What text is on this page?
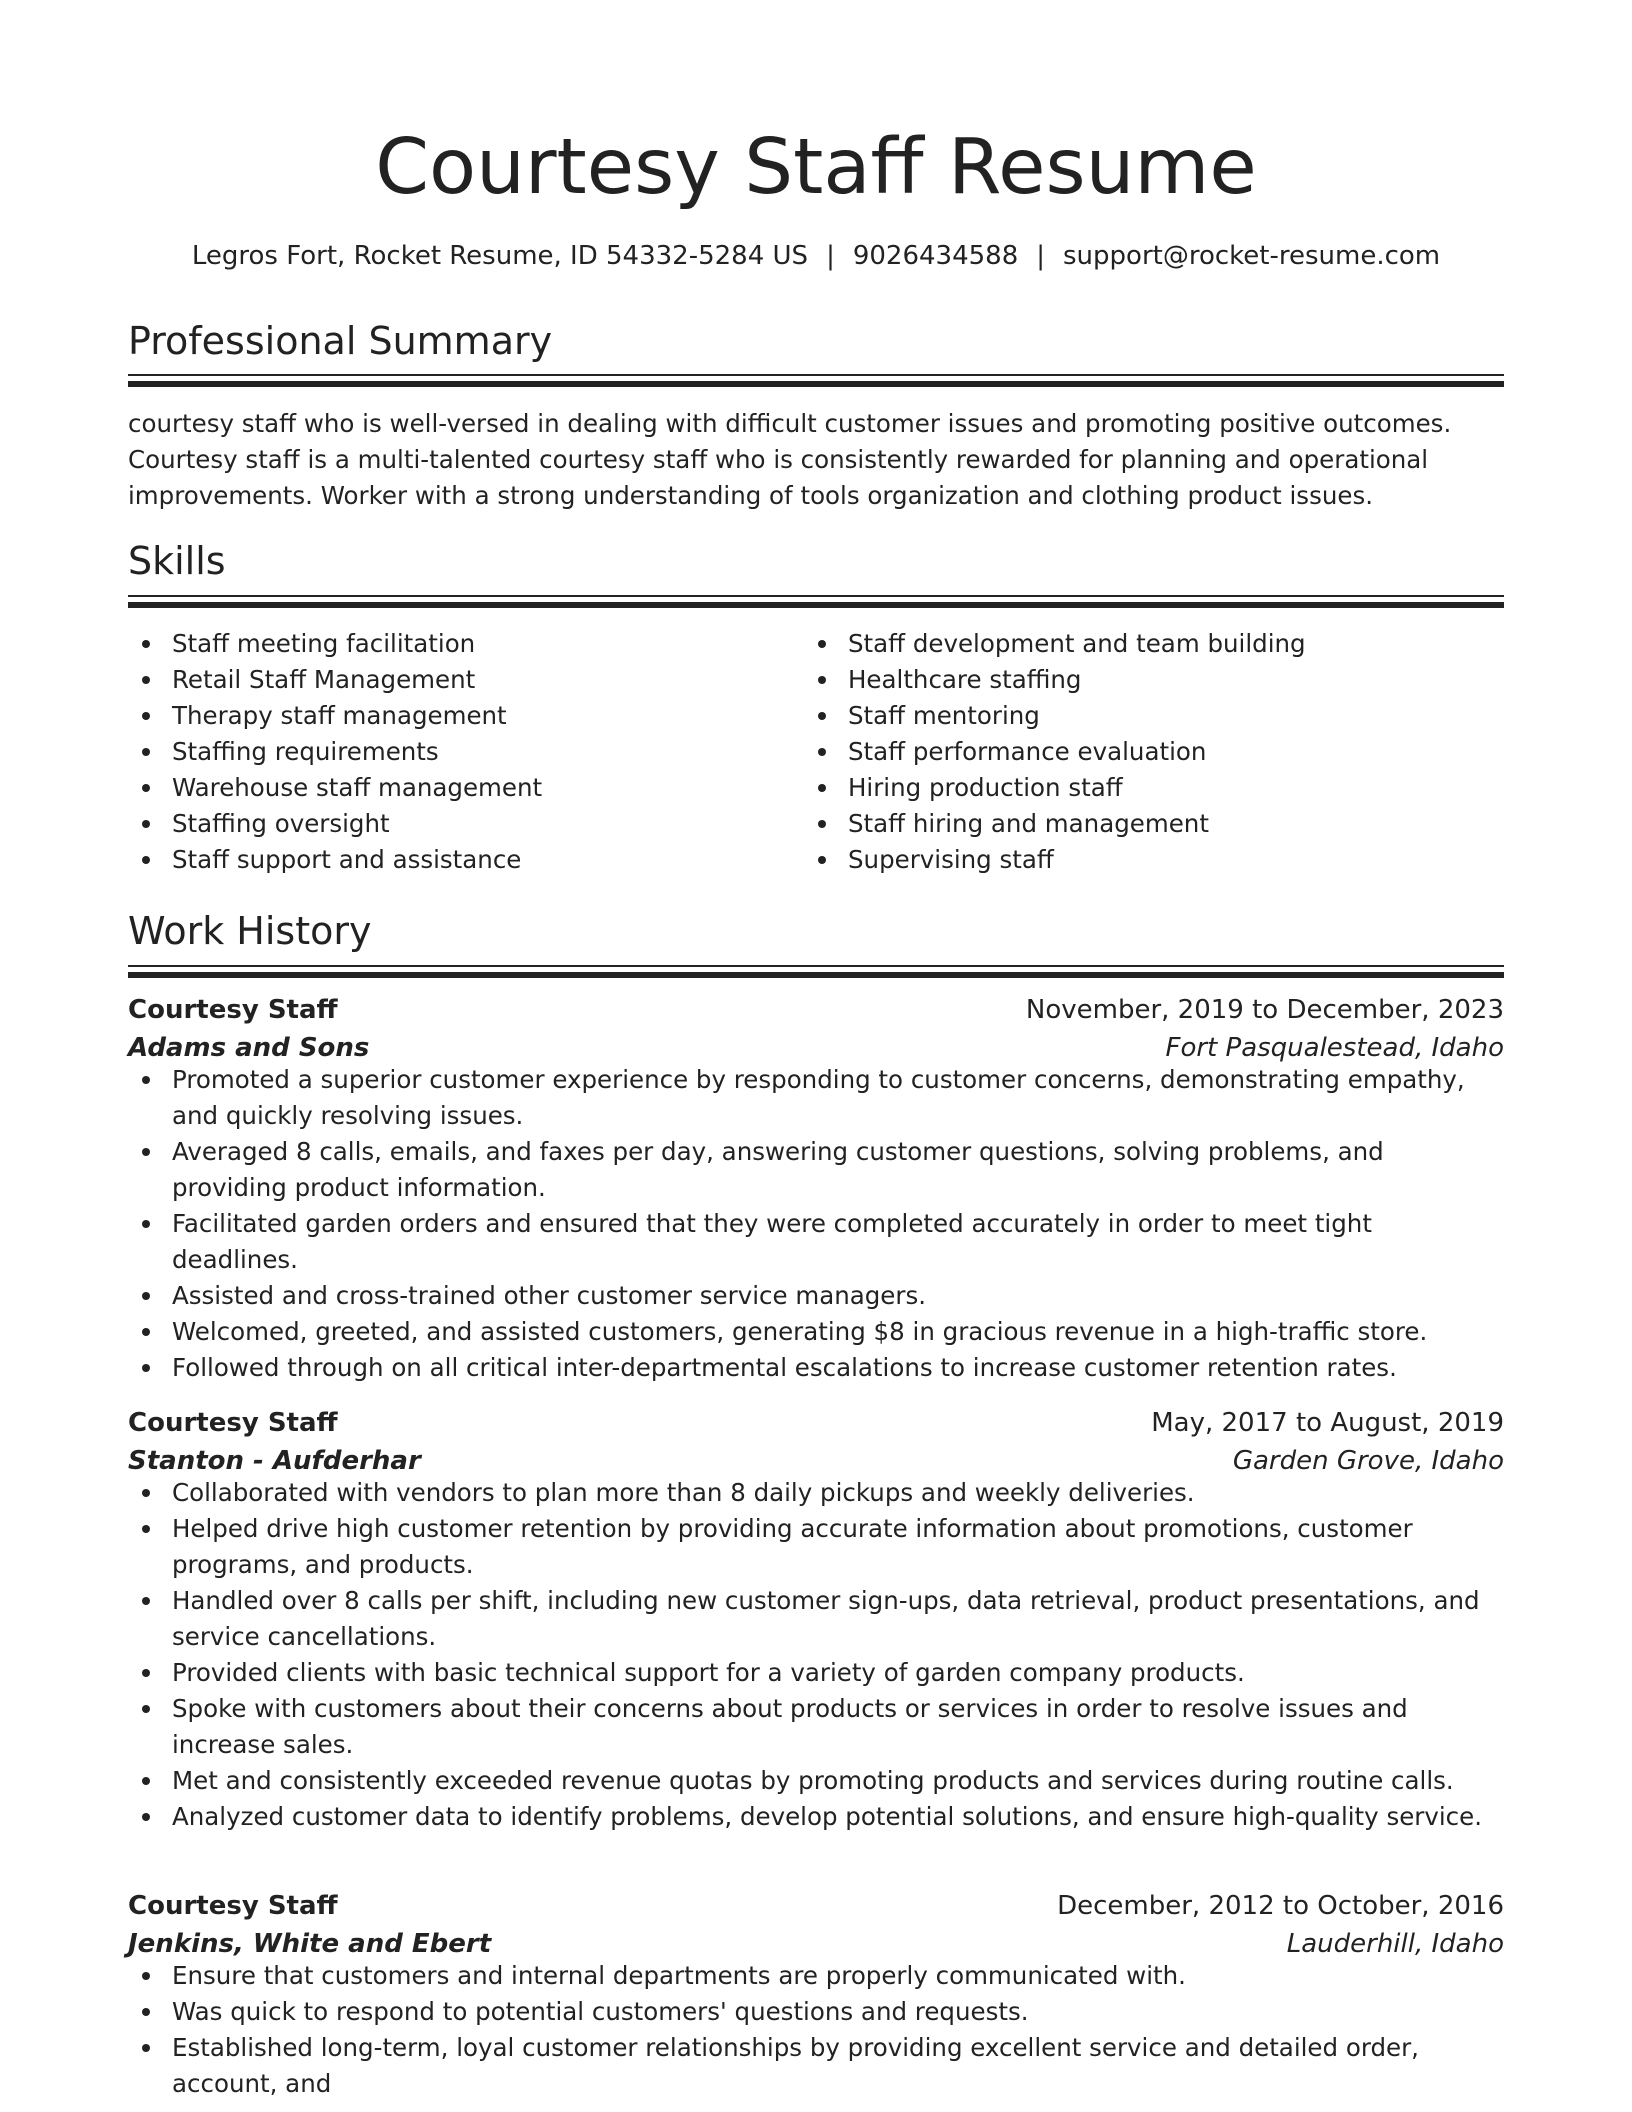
Courtesy Staff Resume
Legros Fort, Rocket Resume, ID 54332-5284 US | 9026434588 | support@rocket-resume.com
Professional Summary

courtesy staff who is well-versed in dealing with difficult customer issues and promoting positive outcomes. Courtesy staff is a multi-talented courtesy staff who is consistently rewarded for planning and operational improvements. Worker with a strong understanding of tools organization and clothing product issues.

Skills
Staff meeting facilitation
Retail Staff Management
Therapy staff management
Staffing requirements
Warehouse staff management
Staffing oversight
Staff support and assistance
Staff development and team building
Healthcare staffing
Staff mentoring
Staff performance evaluation
Hiring production staff
Staff hiring and management
Supervising staff
Work History
Courtesy Staff	November, 2019 to December, 2023
Adams and Sons	Fort Pasqualestead, Idaho
Promoted a superior customer experience by responding to customer concerns, demonstrating empathy, and quickly resolving issues.
Averaged 8 calls, emails, and faxes per day, answering customer questions, solving problems, and providing product information.
Facilitated garden orders and ensured that they were completed accurately in order to meet tight deadlines.
Assisted and cross-trained other customer service managers.
Welcomed, greeted, and assisted customers, generating $8 in gracious revenue in a high-traffic store.
Followed through on all critical inter-departmental escalations to increase customer retention rates.
Courtesy Staff	May, 2017 to August, 2019
Stanton - Aufderhar	Garden Grove, Idaho
Collaborated with vendors to plan more than 8 daily pickups and weekly deliveries.
Helped drive high customer retention by providing accurate information about promotions, customer programs, and products.
Handled over 8 calls per shift, including new customer sign-ups, data retrieval, product presentations, and service cancellations.
Provided clients with basic technical support for a variety of garden company products.
Spoke with customers about their concerns about products or services in order to resolve issues and increase sales.
Met and consistently exceeded revenue quotas by promoting products and services during routine calls.
Analyzed customer data to identify problems, develop potential solutions, and ensure high-quality service.
Courtesy Staff	December, 2012 to October, 2016
Jenkins, White and Ebert	Lauderhill, Idaho
Ensure that customers and internal departments are properly communicated with.
Was quick to respond to potential customers' questions and requests.
Established long-term, loyal customer relationships by providing excellent service and detailed order, account, and
